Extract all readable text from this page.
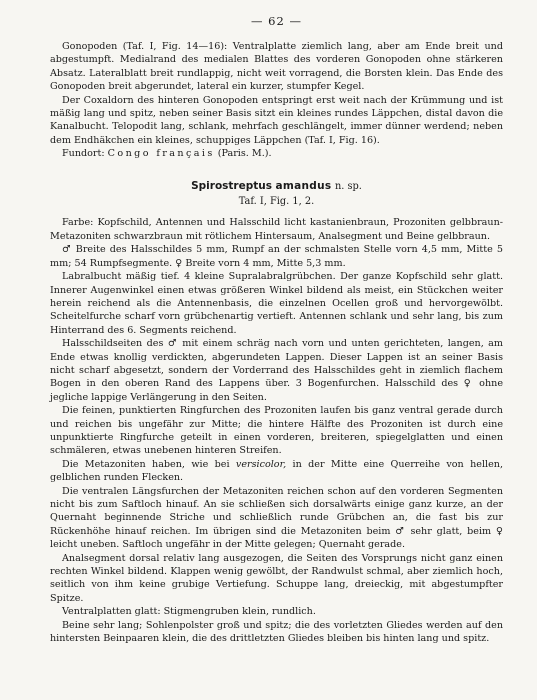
— 62 —

Gonopoden (Taf. I, Fig. 14—16): Ventralplatte ziemlich lang, aber am Ende breit und abgestumpft. Medialrand des medialen Blattes des vorderen Gonopoden ohne stärkeren Absatz. Lateralblatt breit rundlappig, nicht weit vorragend, die Borsten klein. Das Ende des Gonopoden breit abgerundet, lateral ein kurzer, stumpfer Kegel.

Der Coxaldorn des hinteren Gonopoden entspringt erst weit nach der Krümmung und ist mäßig lang und spitz, neben seiner Basis sitzt ein kleines rundes Läppchen, distal davon die Kanalbucht. Telopodit lang, schlank, mehrfach geschlängelt, immer dünner werdend; neben dem Endhäkchen ein kleines, schuppiges Läppchen (Taf. I, Fig. 16).

Fundort: Congo français (Paris. M.).

Spirostreptus amandus n. sp.

Taf. I, Fig. 1, 2.

Farbe: Kopfschild, Antennen und Halsschild licht kastanienbraun, Prozoniten gelbbraun-Metazoniten schwarzbraun mit rötlichem Hintersaum, Analsegment und Beine gelbbraun.

♂ Breite des Halsschildes 5 mm, Rumpf an der schmalsten Stelle vorn 4,5 mm, Mitte 5 mm; 54 Rumpfsegmente. ♀ Breite vorn 4 mm, Mitte 5,3 mm.

Labralbucht mäßig tief. 4 kleine Supralabralgrübchen. Der ganze Kopfschild sehr glatt. Innerer Augenwinkel einen etwas größeren Winkel bildend als meist, ein Stückchen weiter herein reichend als die Antennenbasis, die einzelnen Ocellen groß und hervorgewölbt. Scheitelfurche scharf vorn grübchenartig vertieft. Antennen schlank und sehr lang, bis zum Hinterrand des 6. Segments reichend.

Halsschildseiten des ♂ mit einem schräg nach vorn und unten gerichteten, langen, am Ende etwas knollig verdickten, abgerundeten Lappen. Dieser Lappen ist an seiner Basis nicht scharf abgesetzt, sondern der Vorderrand des Halsschildes geht in ziemlich flachem Bogen in den oberen Rand des Lappens über. 3 Bogenfurchen. Halsschild des ♀ ohne jegliche lappige Verlängerung in den Seiten.

Die feinen, punktierten Ringfurchen des Prozoniten laufen bis ganz ventral gerade durch und reichen bis ungefähr zur Mitte; die hintere Hälfte des Prozoniten ist durch eine unpunktierte Ringfurche geteilt in einen vorderen, breiteren, spiegelglatten und einen schmäleren, etwas unebenen hinteren Streifen.

Die Metazoniten haben, wie bei versicolor, in der Mitte eine Querreihe von hellen, gelblichen runden Flecken.

Die ventralen Längsfurchen der Metazoniten reichen schon auf den vorderen Segmenten nicht bis zum Saftloch hinauf. An sie schließen sich dorsalwärts einige ganz kurze, an der Quernaht beginnende Striche und schließlich runde Grübchen an, die fast bis zur Rückenhöhe hinauf reichen. Im übrigen sind die Metazoniten beim ♂ sehr glatt, beim ♀ leicht uneben. Saftloch ungefähr in der Mitte gelegen; Quernaht gerade.

Analsegment dorsal relativ lang ausgezogen, die Seiten des Vorsprungs nicht ganz einen rechten Winkel bildend. Klappen wenig gewölbt, der Randwulst schmal, aber ziemlich hoch, seitlich von ihm keine grubige Vertiefung. Schuppe lang, dreieckig, mit abgestumpfter Spitze.

Ventralplatten glatt: Stigmengruben klein, rundlich.

Beine sehr lang; Sohlenpolster groß und spitz; die des vorletzten Gliedes werden auf den hintersten Beinpaaren klein, die des drittletzten Gliedes bleiben bis hinten lang und spitz.
